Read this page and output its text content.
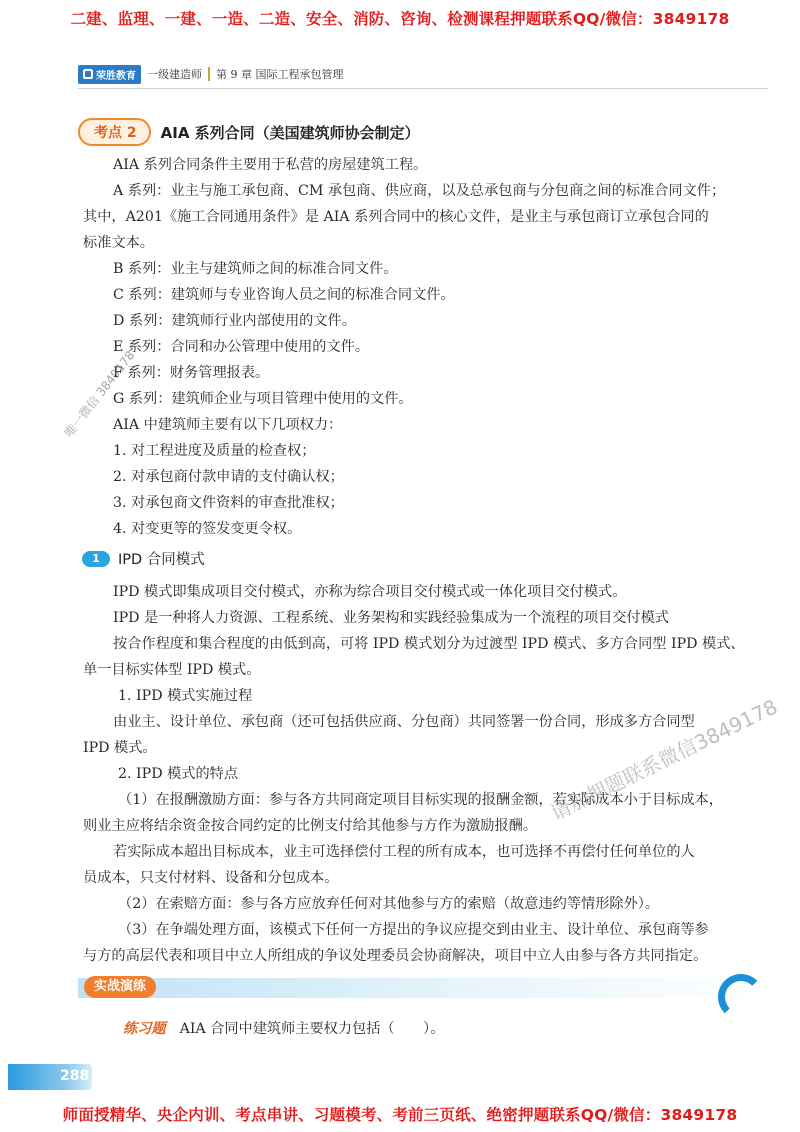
二建、监理、一建、一造、二造、安全、消防、咨询、检测课程押题联系QQ/微信：3849178
荣胜教育 一级建造师 第 9 章 国际工程承包管理
考点 2	AIA 系列合同（美国建筑师协会制定）
AIA 系列合同条件主要用于私营的房屋建筑工程。
A 系列：业主与施工承包商、CM 承包商、供应商，以及总承包商与分包商之间的标准合同文件；
其中，A201《施工合同通用条件》是 AIA 系列合同中的核心文件，是业主与承包商订立承包合同的
标准文本。
B 系列：业主与建筑师之间的标准合同文件。
C 系列：建筑师与专业咨询人员之间的标准合同文件。
D 系列：建筑师行业内部使用的文件。
E 系列：合同和办公管理中使用的文件。
F 系列：财务管理报表。
G 系列：建筑师企业与项目管理中使用的文件。
AIA 中建筑师主要有以下几项权力：
1. 对工程进度及质量的检查权；
2. 对承包商付款申请的支付确认权；
3. 对承包商文件资料的审查批准权；
4. 对变更等的签发变更令权。
1	IPD 合同模式
IPD 模式即集成项目交付模式，亦称为综合项目交付模式或一体化项目交付模式。
IPD 是一种将人力资源、工程系统、业务架构和实践经验集成为一个流程的项目交付模式
按合作程度和集合程度的由低到高，可将 IPD 模式划分为过渡型 IPD 模式、多方合同型 IPD 模式、
单一目标实体型 IPD 模式。
1. IPD 模式实施过程
由业主、设计单位、承包商（还可包括供应商、分包商）共同签署一份合同，形成多方合同型
IPD 模式。
2. IPD 模式的特点
（1）在报酬激励方面：参与各方共同商定项目目标实现的报酬金额，若实际成本小于目标成本，
则业主应将结余资金按合同约定的比例支付给其他参与方作为激励报酬。
若实际成本超出目标成本，业主可选择偿付工程的所有成本，也可选择不再偿付任何单位的人
员成本，只支付材料、设备和分包成本。
（2）在索赔方面：参与各方应放弃任何对其他参与方的索赔（故意违约等情形除外）。
（3）在争端处理方面，该模式下任何一方提出的争议应提交到由业主、设计单位、承包商等参
与方的高层代表和项目中立人所组成的争议处理委员会协商解决，项目中立人由参与各方共同指定。
实战演练
练习题 AIA 合同中建筑师主要权力包括（　　）。
288
唯一微信 3849178
请加押题联系微信3849178
师面授精华、央企内训、考点串讲、习题模考、考前三页纸、绝密押题联系QQ/微信：3849178
